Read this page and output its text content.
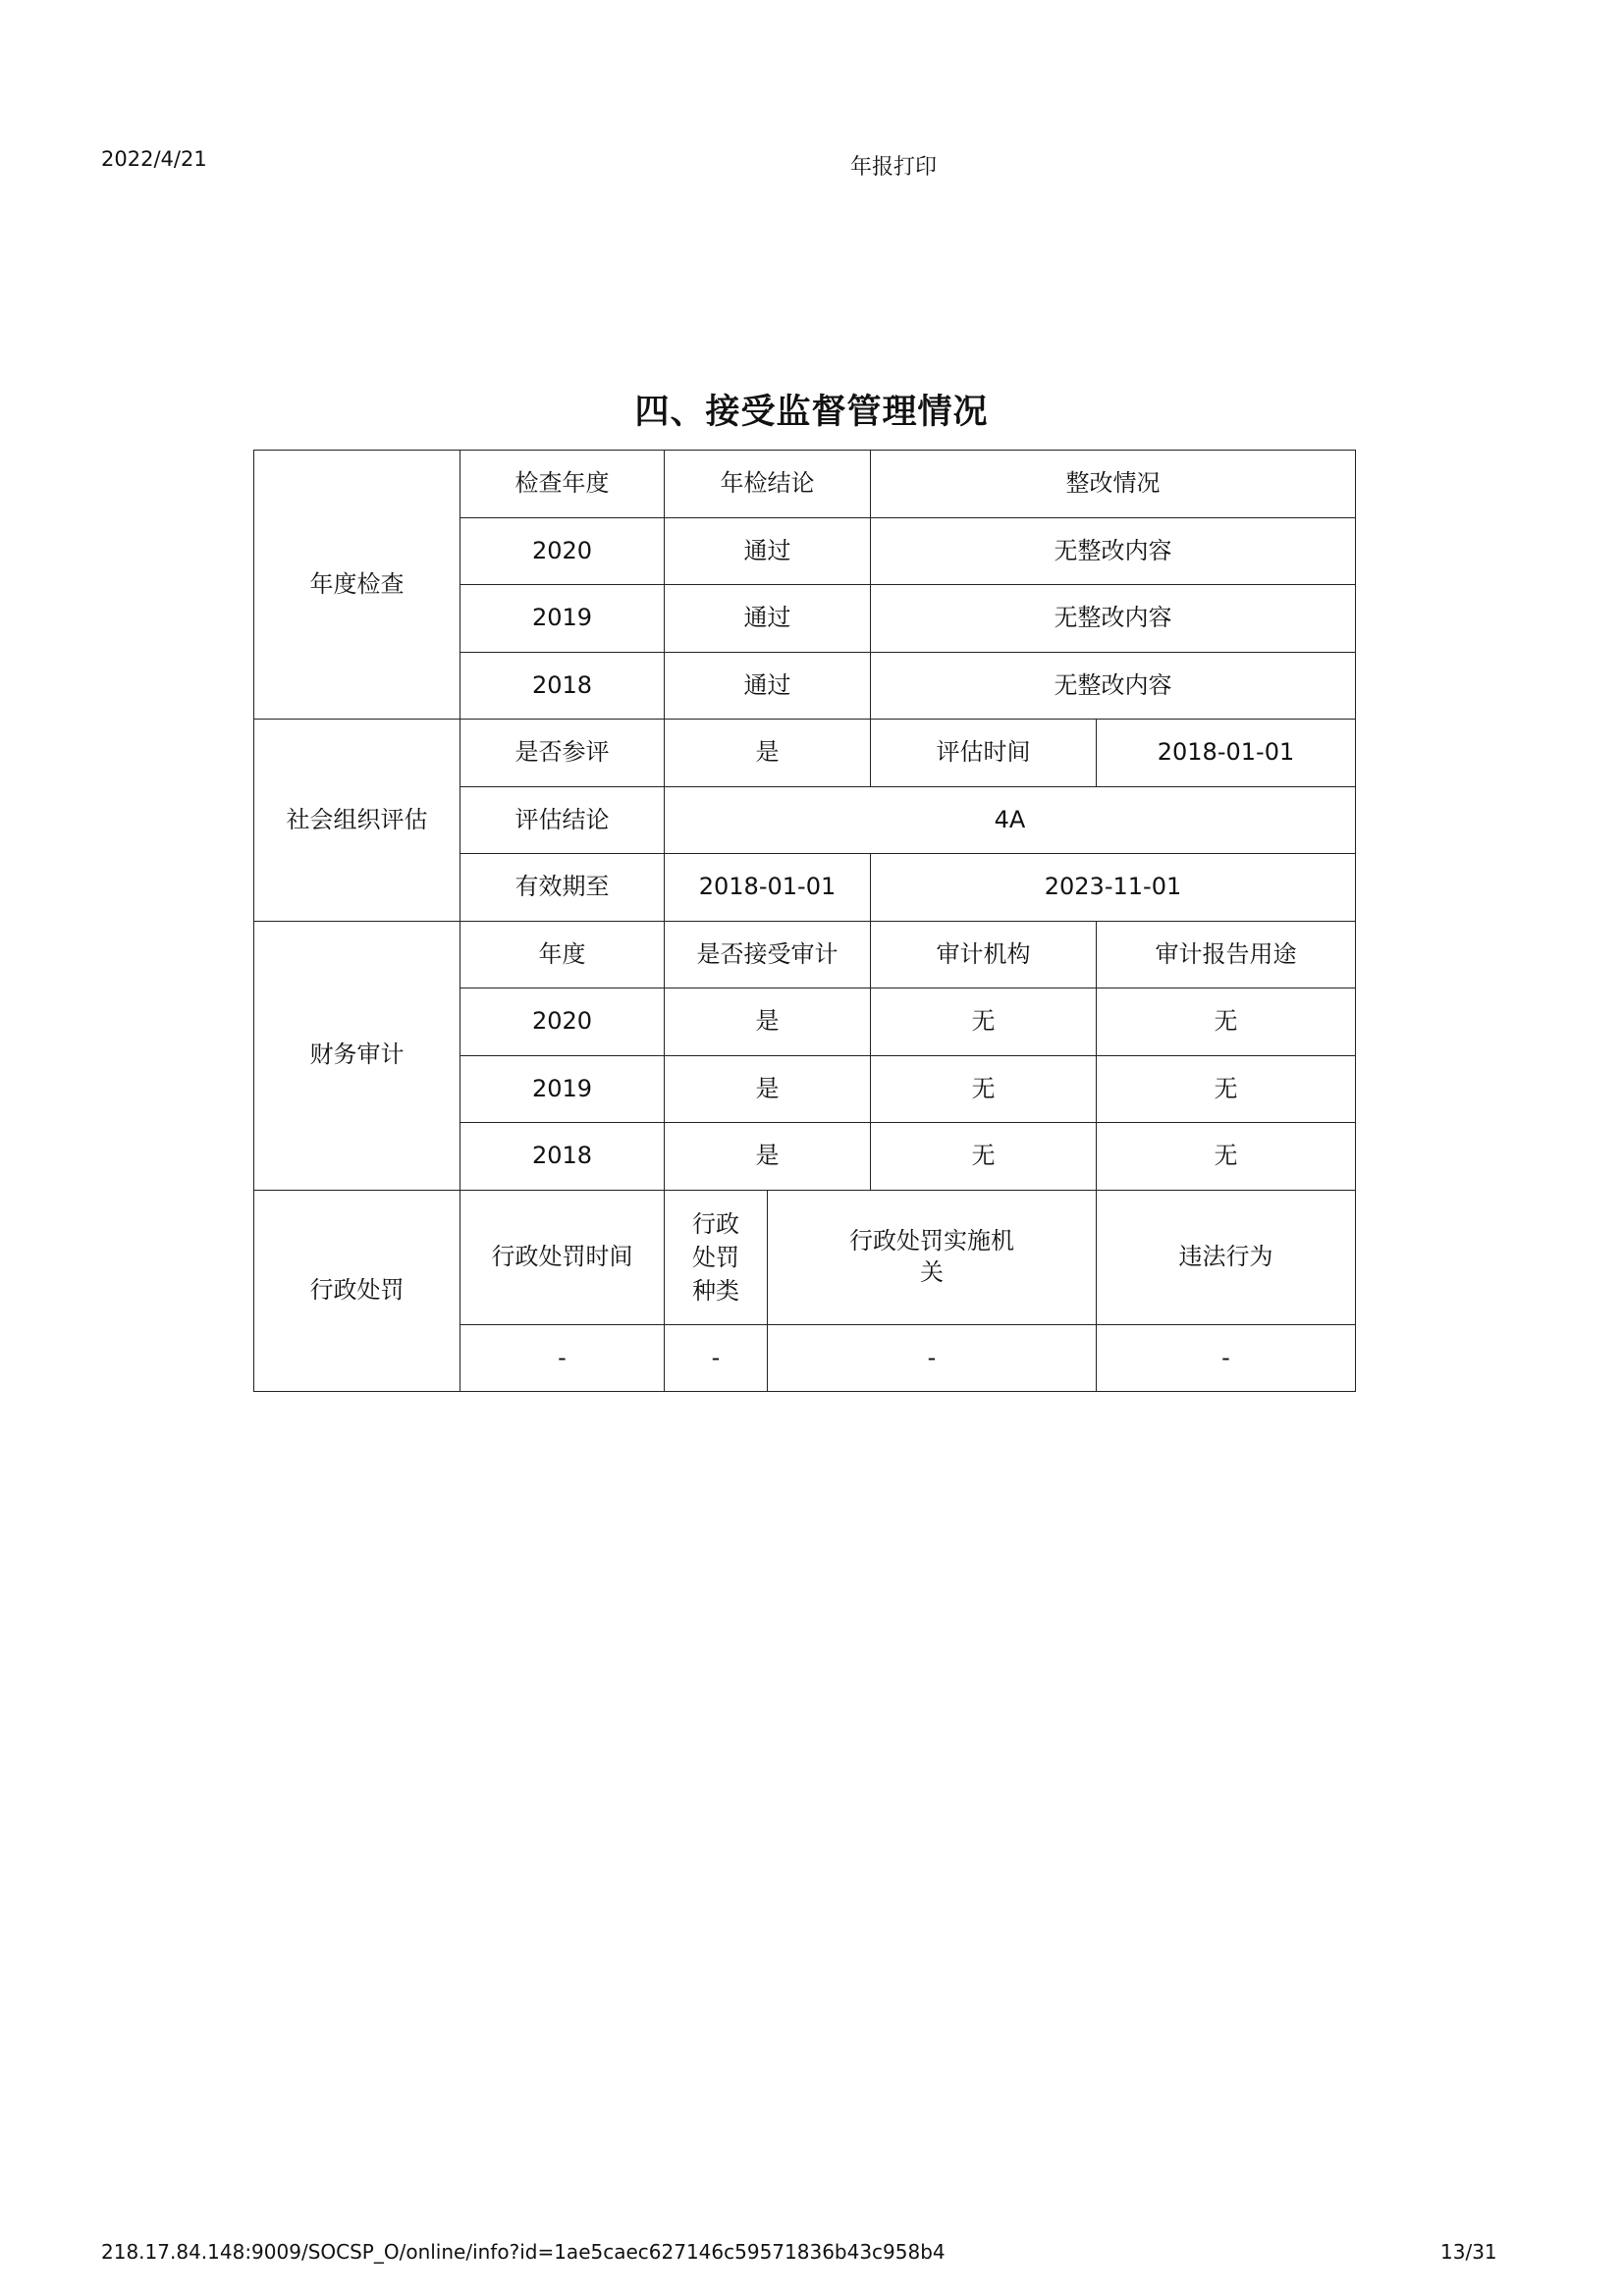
2022/4/21	年报打印
四、接受监督管理情况
年度检查	检查年度	年检结论		整改情况	
	2020	通过		无整改内容	
	2019	通过		无整改内容	
	2018	通过		无整改内容	
社会组织评估	是否参评	是		评估时间	2018-01-01
	评估结论	4A			
	有效期至	2018-01-01		2023-11-01	
财务审计	年度	是否接受审计		审计机构	审计报告用途
	2020	是		无	无
	2019	是		无	无
	2018	是		无	无
行政处罚	行政处罚时间	行政处罚种类	行政处罚实施机关		违法行为
	-	-	-		-
218.17.84.148:9009/SOCSP_O/online/info?id=1ae5caec627146c59571836b43c958b4	13/31
